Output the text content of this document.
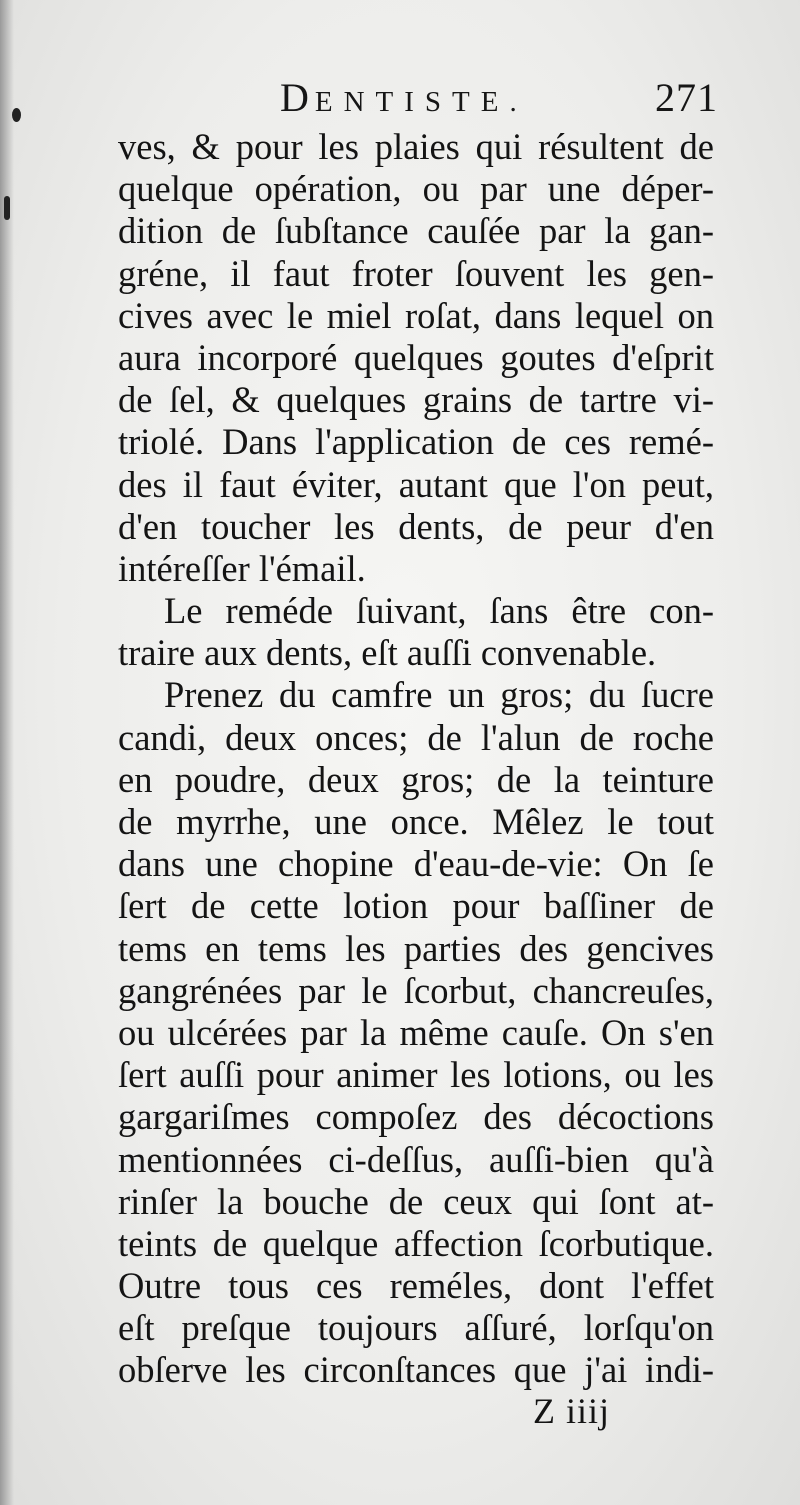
DENTISTE.	271
ves, & pour les plaies qui résultent de
quelque opération, ou par une déper-
dition de ſubſtance cauſée par la gan-
gréne, il faut froter ſouvent les gen-
cives avec le miel roſat, dans lequel on
aura incorporé quelques goutes d'eſprit
de ſel, & quelques grains de tartre vi-
triolé. Dans l'application de ces remé-
des il faut éviter, autant que l'on peut,
d'en toucher les dents, de peur d'en
intéreſſer l'émail.
Le reméde ſuivant, ſans être con-
traire aux dents, eſt auſſi convenable.
Prenez du camfre un gros; du ſucre
candi, deux onces; de l'alun de roche
en poudre, deux gros; de la teinture
de myrrhe, une once. Mêlez le tout
dans une chopine d'eau-de-vie: On ſe
ſert de cette lotion pour baſſiner de
tems en tems les parties des gencives
gangrénées par le ſcorbut, chancreuſes,
ou ulcérées par la même cauſe. On s'en
ſert auſſi pour animer les lotions, ou les
gargariſmes compoſez des décoctions
mentionnées ci-deſſus, auſſi-bien qu'à
rinſer la bouche de ceux qui ſont at-
teints de quelque affection ſcorbutique.
Outre tous ces reméles, dont l'effet
eſt preſque toujours aſſuré, lorſqu'on
obſerve les circonſtances que j'ai indi-
Z iiij
